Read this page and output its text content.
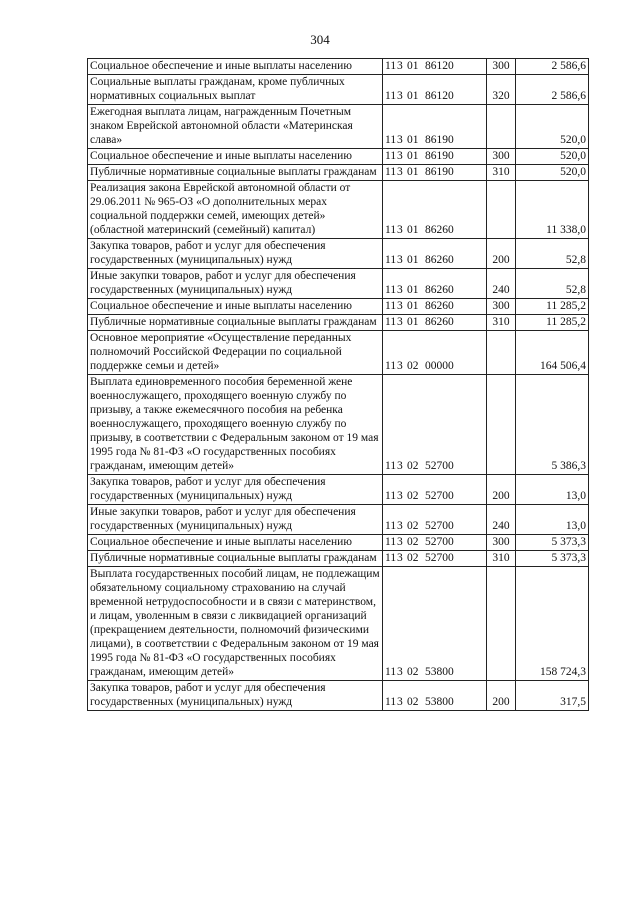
304
Социальное обеспечение и иные выплаты населению	113 01 86120	300	2 586,6
Социальные выплаты гражданам, кроме публичных нормативных социальных выплат	113 01 86120	320	2 586,6
Ежегодная выплата лицам, награжденным Почетным знаком Еврейской автономной области «Материнская слава»	113 01 86190		520,0
Социальное обеспечение и иные выплаты населению	113 01 86190	300	520,0
Публичные нормативные социальные выплаты гражданам	113 01 86190	310	520,0
Реализация закона Еврейской автономной области от 29.06.2011 № 965-ОЗ «О дополнительных мерах социальной поддержки семей, имеющих детей» (областной материнский (семейный) капитал)	113 01 86260		11 338,0
Закупка товаров, работ и услуг для обеспечения государственных (муниципальных) нужд	113 01 86260	200	52,8
Иные закупки товаров, работ и услуг для обеспечения государственных (муниципальных) нужд	113 01 86260	240	52,8
Социальное обеспечение и иные выплаты населению	113 01 86260	300	11 285,2
Публичные нормативные социальные выплаты гражданам	113 01 86260	310	11 285,2
Основное мероприятие «Осуществление переданных полномочий Российской Федерации по социальной поддержке семьи и детей»	113 02 00000		164 506,4
Выплата единовременного пособия беременной жене военнослужащего, проходящего военную службу по призыву, а также ежемесячного пособия на ребенка военнослужащего, проходящего военную службу по призыву, в соответствии с Федеральным законом от 19 мая 1995 года № 81-ФЗ «О государственных пособиях гражданам, имеющим детей»	113 02 52700		5 386,3
Закупка товаров, работ и услуг для обеспечения государственных (муниципальных) нужд	113 02 52700	200	13,0
Иные закупки товаров, работ и услуг для обеспечения государственных (муниципальных) нужд	113 02 52700	240	13,0
Социальное обеспечение и иные выплаты населению	113 02 52700	300	5 373,3
Публичные нормативные социальные выплаты гражданам	113 02 52700	310	5 373,3
Выплата государственных пособий лицам, не подлежащим обязательному социальному страхованию на случай временной нетрудоспособности и в связи с материнством, и лицам, уволенным в связи с ликвидацией организаций (прекращением деятельности, полномочий физическими лицами), в соответствии с Федеральным законом от 19 мая 1995 года № 81-ФЗ «О государственных пособиях гражданам, имеющим детей»	113 02 53800		158 724,3
Закупка товаров, работ и услуг для обеспечения государственных (муниципальных) нужд	113 02 53800	200	317,5
